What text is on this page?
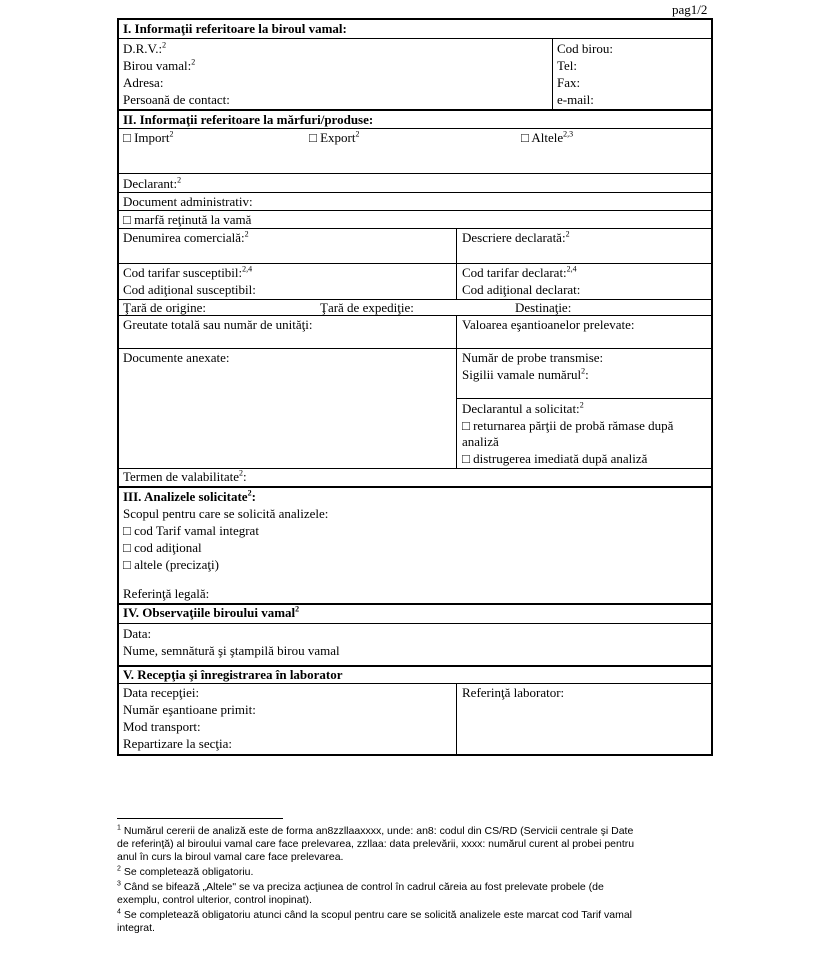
pag1/2
I. Informaţii referitoare la biroul vamal:
D.R.V.:$^2$
Birou vamal:$^2$
Adresa:
Persoană de contact:
Cod birou:
Tel:
Fax:
e-mail:
II. Informaţii referitoare la mărfuri/produse:
□ Import$^2$	□ Export$^2$	□ Altele$^{2,3}$
Declarant:$^2$
Document administrativ:
□ marfă reţinută la vamă
Denumirea comercială:$^2$	Descriere declarată:$^2$
Cod tarifar susceptibil:$^{2,4}$
Cod adiţional susceptibil:
Cod tarifar declarat:$^{2,4}$
Cod adiţional declarat:
Ţară de origine:	Ţară de expediţie:	Destinaţie:
Greutate totală sau număr de unităţi:	Valoarea eşantioanelor prelevate:
Documente anexate:	Număr de probe transmise:
Sigilii vamale numărul$^2$:
Declarantul a solicitat:$^2$
□ returnarea părţii de probă rămase după
analiză
□ distrugerea imediată după analiză
Termen de valabilitate$^2$:
III. Analizele solicitate$^2$:
Scopul pentru care se solicită analizele:
□ cod Tarif vamal integrat
□ cod adiţional
□ altele (precizaţi)
Referinţă legală:
IV. Observaţiile biroului vamal$^2$
Data:
Nume, semnătură şi ştampilă birou vamal
V. Recepţia şi înregistrarea în laborator
Data recepţiei:
Număr eşantioane primit:
Mod transport:
Repartizare la secţia:
Referinţă laborator:
$^1$ Numărul cererii de analiză este de forma an8zzllaaxxxx, unde: an8: codul din CS/RD (Servicii centrale şi Date
de referinţă) al biroului vamal care face prelevarea, zzllaa: data prelevării, xxxx: numărul curent al probei pentru
anul în curs la biroul vamal care face prelevarea.
$^2$ Se completează obligatoriu.
$^3$ Când se bifează „Altele" se va preciza acţiunea de control în cadrul căreia au fost prelevate probele (de
exemplu, control ulterior, control inopinat).
$^4$ Se completează obligatoriu atunci când la scopul pentru care se solicită analizele este marcat cod Tarif vamal
integrat.
